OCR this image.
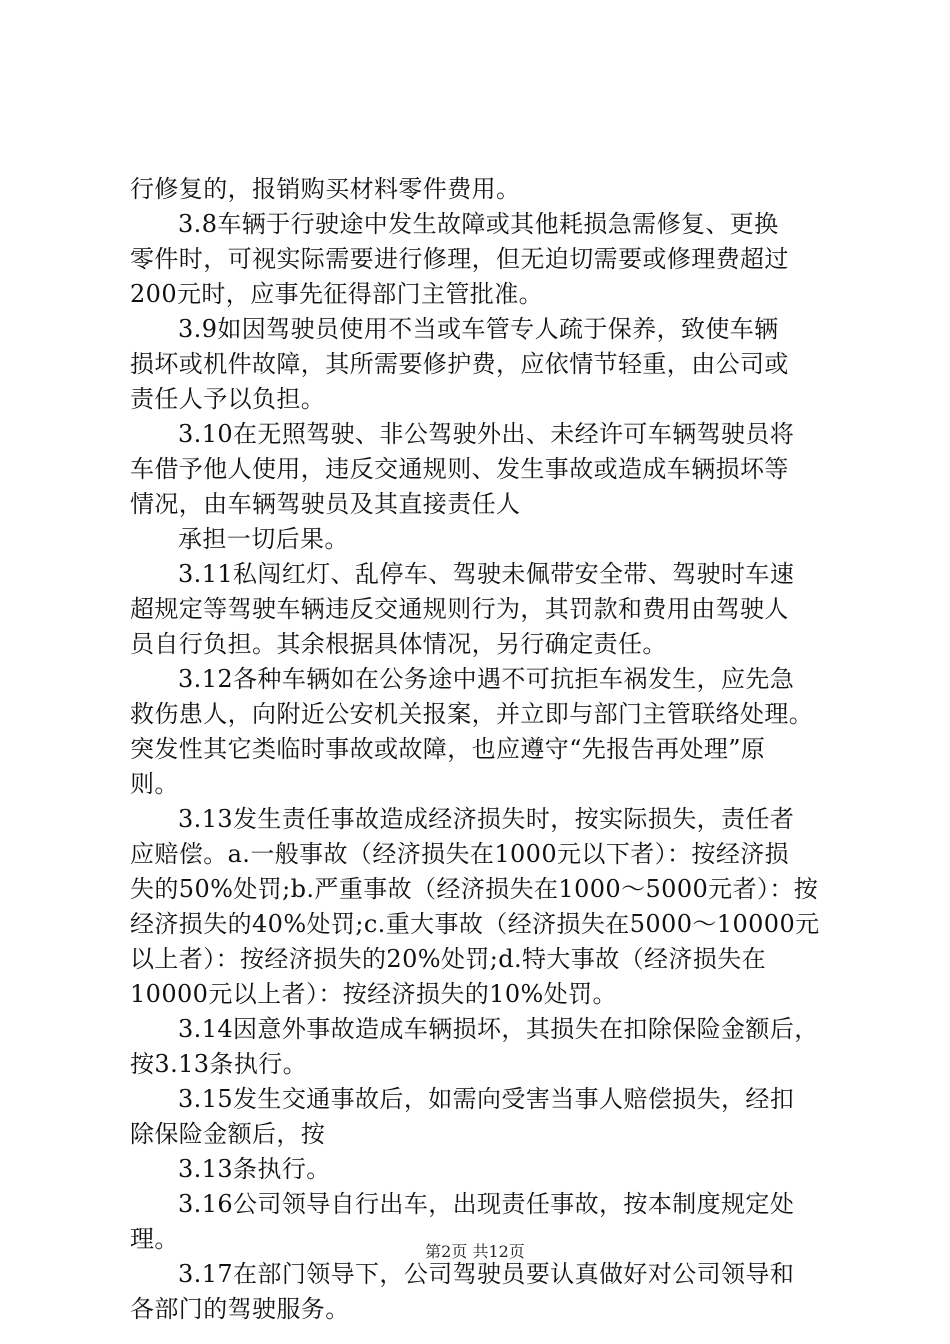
行修复的，报销购买材料零件费用。
3.8车辆于行驶途中发生故障或其他耗损急需修复、更换
零件时，可视实际需要进行修理，但无迫切需要或修理费超过
200元时，应事先征得部门主管批准。
3.9如因驾驶员使用不当或车管专人疏于保养，致使车辆
损坏或机件故障，其所需要修护费，应依情节轻重，由公司或
责任人予以负担。
3.10在无照驾驶、非公驾驶外出、未经许可车辆驾驶员将
车借予他人使用，违反交通规则、发生事故或造成车辆损坏等
情况，由车辆驾驶员及其直接责任人
承担一切后果。
3.11私闯红灯、乱停车、驾驶未佩带安全带、驾驶时车速
超规定等驾驶车辆违反交通规则行为，其罚款和费用由驾驶人
员自行负担。其余根据具体情况，另行确定责任。
3.12各种车辆如在公务途中遇不可抗拒车祸发生，应先急
救伤患人，向附近公安机关报案，并立即与部门主管联络处理。
突发性其它类临时事故或故障，也应遵守“先报告再处理”原
则。
3.13发生责任事故造成经济损失时，按实际损失，责任者
应赔偿。a.一般事故（经济损失在1000元以下者）：按经济损
失的50%处罚;b.严重事故（经济损失在1000～5000元者）：按
经济损失的40%处罚;c.重大事故（经济损失在5000～10000元
以上者）：按经济损失的20%处罚;d.特大事故（经济损失在
10000元以上者）：按经济损失的10%处罚。
3.14因意外事故造成车辆损坏，其损失在扣除保险金额后，
按3.13条执行。
3.15发生交通事故后，如需向受害当事人赔偿损失，经扣
除保险金额后，按
3.13条执行。
3.16公司领导自行出车，出现责任事故，按本制度规定处
理。
3.17在部门领导下，公司驾驶员要认真做好对公司领导和
各部门的驾驶服务。
第2页 共12页
